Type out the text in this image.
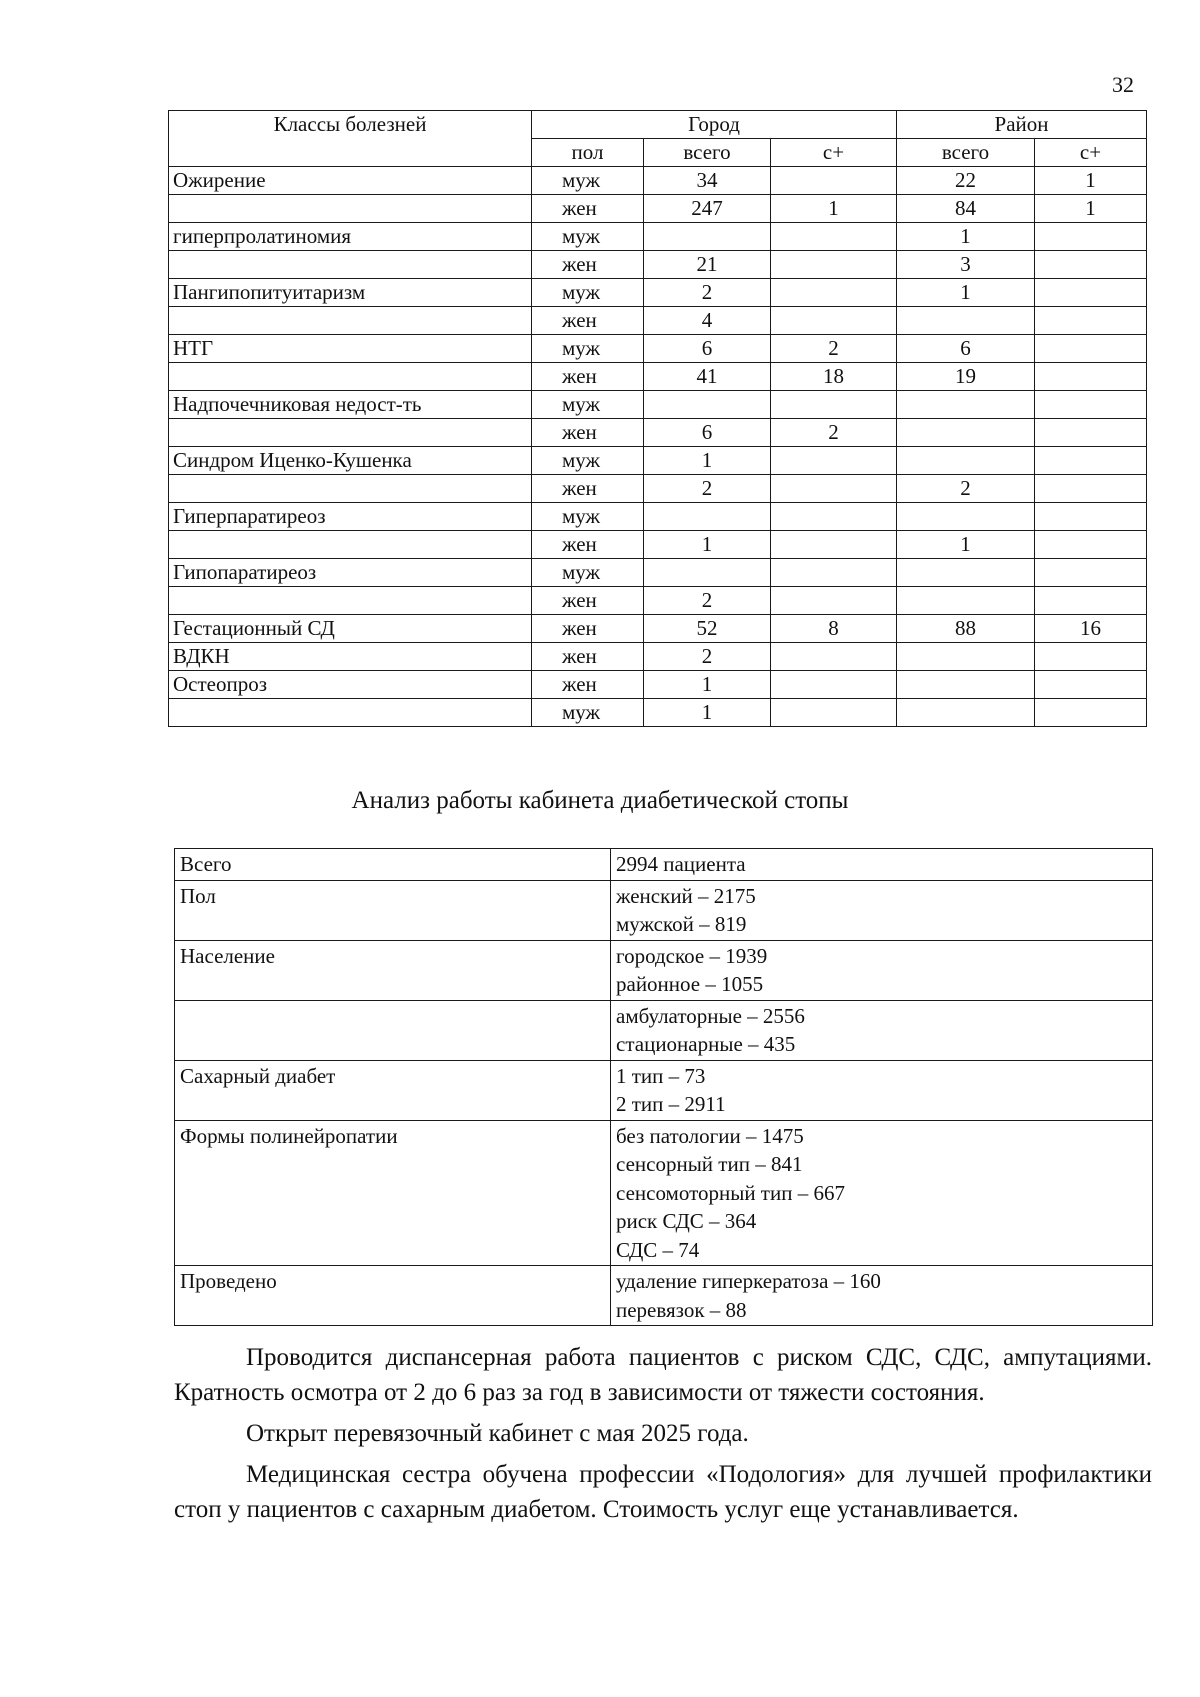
32
Классы болезней	Город			Район	
	пол	всего	с+	всего	с+
Ожирение	муж	34		22	1
	жен	247	1	84	1
гиперпролатиномия	муж			1	
	жен	21		3	
Пангипопитуитаризм	муж	2		1	
	жен	4			
НТГ	муж	6	2	6	
	жен	41	18	19	
Надпочечниковая недост-ть	муж				
	жен	6	2		
Синдром Иценко-Кушенка	муж	1			
	жен	2		2	
Гиперпаратиреоз	муж				
	жен	1		1	
Гипопаратиреоз	муж				
	жен	2			
Гестационный СД	жен	52	8	88	16
ВДКН	жен	2			
Остеопроз	жен	1			
	муж	1			
Анализ работы кабинета диабетической стопы
Всего	2994 пациента

Пол	женский – 2175
мужской – 819

Население	городское – 1939
районное – 1055

	амбулаторные – 2556
стационарные – 435

Сахарный диабет	1 тип – 73
2 тип – 2911

Формы полинейропатии	без патологии – 1475
сенсорный тип – 841
сенсомоторный тип – 667
риск СДС – 364
СДС – 74

Проведено	удаление гиперкератоза – 160
перевязок – 88

Проводится диспансерная работа пациентов с риском СДС, СДС, ампутациями. Кратность осмотра от 2 до 6 раз за год в зависимости от тяжести состояния.

Открыт перевязочный кабинет с мая 2025 года.

Медицинская сестра обучена профессии «Подология» для лучшей профилактики стоп у пациентов с сахарным диабетом. Стоимость услуг еще устанавливается.
